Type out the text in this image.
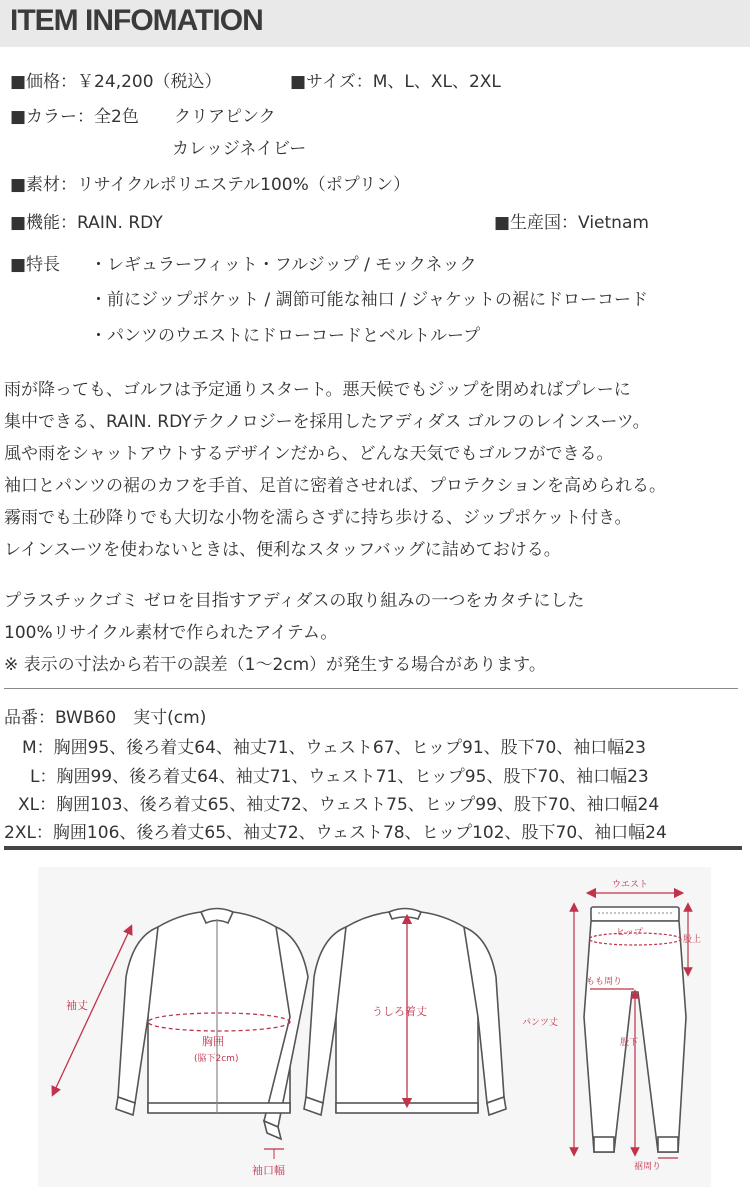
ITEM INFOMATION
■価格：￥24,200（税込）	■サイズ：M、L、XL、2XL
■カラー：全2色 クリアピンク
カレッジネイビー
■素材：リサイクルポリエステル100%（ポプリン）
■機能：RAIN. RDY	■生産国：Vietnam
■特長 ・レギュラーフィット・フルジップ / モックネック
・前にジップポケット / 調節可能な袖口 / ジャケットの裾にドローコード
・パンツのウエストにドローコードとベルトループ
雨が降っても、ゴルフは予定通りスタート。悪天候でもジップを閉めればプレーに
集中できる、RAIN. RDYテクノロジーを採用したアディダス ゴルフのレインスーツ。
風や雨をシャットアウトするデザインだから、どんな天気でもゴルフができる。
袖口とパンツの裾のカフを手首、足首に密着させれば、プロテクションを高められる。
霧雨でも土砂降りでも大切な小物を濡らさずに持ち歩ける、ジップポケット付き。
レインスーツを使わないときは、便利なスタッフバッグに詰めておける。
プラスチックゴミ ゼロを目指すアディダスの取り組みの一つをカタチにした
100%リサイクル素材で作られたアイテム。
※ 表示の寸法から若干の誤差（1〜2cm）が発生する場合があります。
品番：BWB60　実寸(cm)
M：胸囲95、後ろ着丈64、袖丈71、ウェスト67、ヒップ91、股下70、袖口幅23
L：胸囲99、後ろ着丈64、袖丈71、ウェスト71、ヒップ95、股下70、袖口幅23
XL：胸囲103、後ろ着丈65、袖丈72、ウェスト75、ヒップ99、股下70、袖口幅24
2XL：胸囲106、後ろ着丈65、袖丈72、ウェスト78、ヒップ102、股下70、袖口幅24
袖丈
胸囲
(脇下2cm)
袖口幅
うしろ着丈
ウエスト
ヒップ
股上
もも周り
パンツ丈
股下
裾周り
